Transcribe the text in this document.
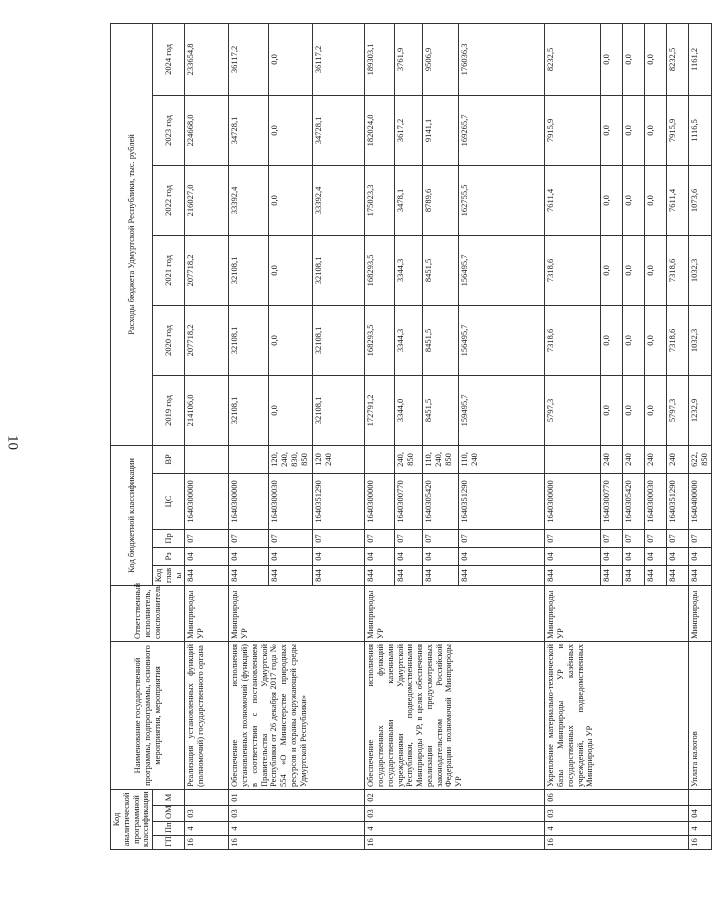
10
Код аналитической программной классификации				Наименование государственной программы, подпрограммы, основного мероприятия, мероприятия	Ответственный исполнитель, соисполнитель	Код бюджетной классификации					Расходы бюджета Удмуртской Республики, тыс. рублей					
ГП	Пп	ОМ	М			Код глав ы	Рз	Пр	ЦС	ВР	2019 год	2020 год	2021 год	2022 год	2023 год	2024 год
16	4	03		Реализация установленных функций (полномочий) государственного органа	Минприроды УР	844	04	07	1640300000		214106,0	207718,2	207718,2	216027,0	224668,0	233654,8
16	4	03	01	Обеспечение исполнения установленных полномочий (функций) в соответствии с постановлением Правительства Удмуртской Республики от 26 декабря 2017 года № 554 «О Министерстве природных ресурсов и охраны окружающей среды Удмуртской Республики»	Минприроды УР	844	04	07	1640300000		32108,1	32108,1	32108,1	33392,4	34728,1	36117,2
						844	04	07	1640300030	120, 240, 830, 850	0,0	0,0	0,0	0,0	0,0	0,0
						844	04	07	1640351290	120 240	32108,1	32108,1	32108,1	33392,4	34728,1	36117,2
16	4	03	02	Обеспечение исполнения государственных функций государственными казенными учреждениями Удмуртской Республики, подведомственными Минприроды УР, в целях обеспечения реализации предусмотренных законодательством Российской Федерации полномочий Минприроды УР	Минприроды УР	844	04	07	1640300000		172791,2	168293,5	168293,5	175023,3	182024,0	189303,1
						844	04	07	1640300770	240, 850	3344,0	3344,3	3344,3	3478,1	3617,2	3761,9
						844	04	07	1640305420	110, 240, 850	8451,5	8451,5	8451,5	8789,6	9141,1	9506,9
						844	04	07	1640351290	110, 240	159495,7	156495,7	156495,7	162755,5	169265,7	176036,3
16	4	03	06	Укрепление материально-технической базы Минприроды УР и государственных казённых учреждений, подведомственных Минприроды УР	Минприроды УР	844	04	07	1640300000		5797,3	7318,6	7318,6	7611,4	7915,9	8232,5
						844	04	07	1640300770	240	0,0	0,0	0,0	0,0	0,0	0,0
						844	04	07	1640305420	240	0,0	0,0	0,0	0,0	0,0	0,0
						844	04	07	1640300030	240	0,0	0,0	0,0	0,0	0,0	0,0
						844	04	07	1640351290	240	5797,3	7318,6	7318,6	7611,4	7915,9	8232,5
16	4	04		Уплата налогов	Минприроды	844	04	07	1640400000	622, 850	1232,9	1032,3	1032,3	1073,6	1116,5	1161,2
